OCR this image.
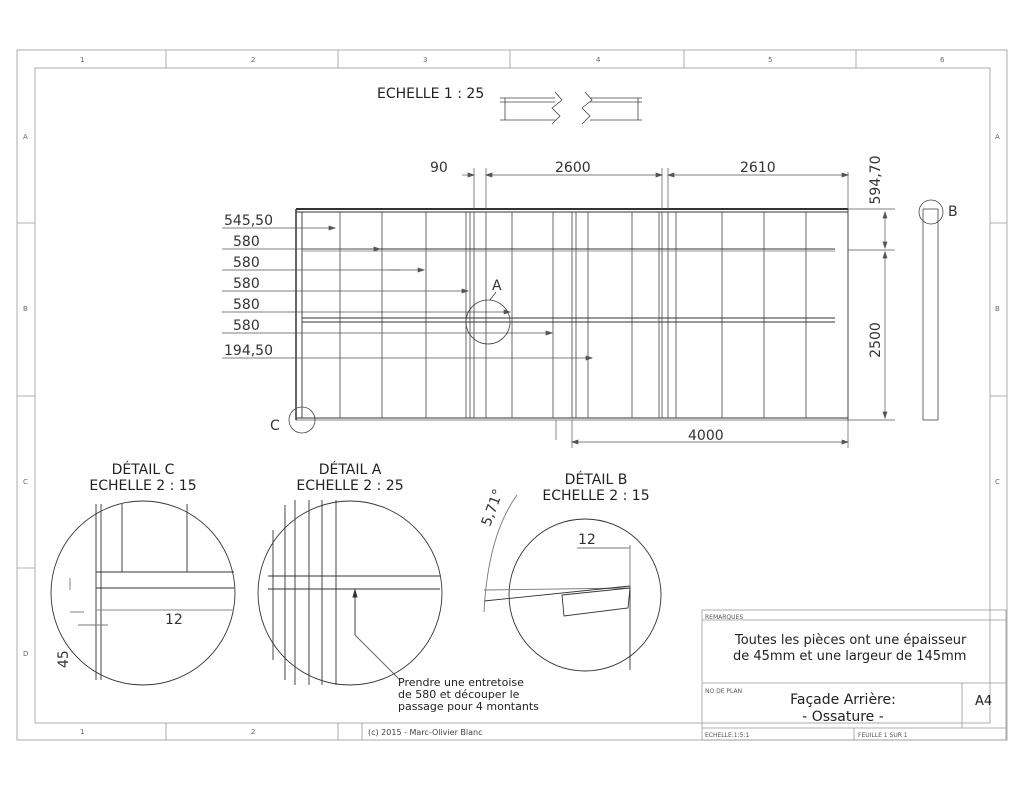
1	2	3	4	5	6
1	2
A
B
C
D
A
B
C
ECHELLE 1 : 25
90	2600	2610	594,70
2500
545,50
580
580
580
580
580
194,50
4000
A
B
C
DÉTAIL C
ECHELLE 2 : 15
12
45
DÉTAIL A
ECHELLE 2 : 25
Prendre une entretoise
de 580 et découper le
passage pour 4 montants
DÉTAIL B
ECHELLE 2 : 15
12
5,71°
REMARQUES
Toutes les pièces ont une épaisseur
de 45mm et une largeur de 145mm
NO DE PLAN
Façade Arrière:
- Ossature -
A4
ECHELLE:1:5:1	FEUILLE 1 SUR 1
(c) 2015 - Marc-Olivier Blanc
